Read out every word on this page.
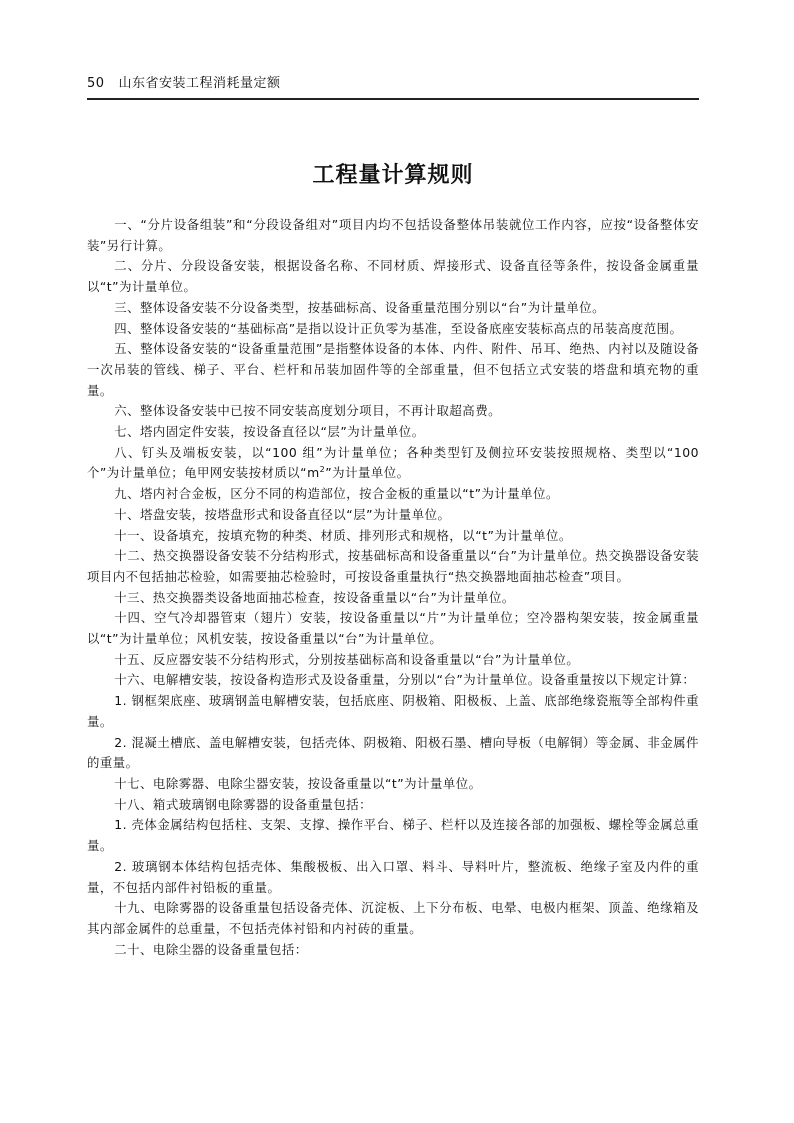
50 山东省安装工程消耗量定额
工程量计算规则

一、“分片设备组装”和“分段设备组对”项目内均不包括设备整体吊装就位工作内容，应按“设备整体安装”另行计算。

二、分片、分段设备安装，根据设备名称、不同材质、焊接形式、设备直径等条件，按设备金属重量以“t”为计量单位。

三、整体设备安装不分设备类型，按基础标高、设备重量范围分别以“台”为计量单位。

四、整体设备安装的“基础标高”是指以设计正负零为基准，至设备底座安装标高点的吊装高度范围。

五、整体设备安装的“设备重量范围”是指整体设备的本体、内件、附件、吊耳、绝热、内衬以及随设备一次吊装的管线、梯子、平台、栏杆和吊装加固件等的全部重量，但不包括立式安装的塔盘和填充物的重量。

六、整体设备安装中已按不同安装高度划分项目，不再计取超高费。

七、塔内固定件安装，按设备直径以“层”为计量单位。

八、钉头及端板安装，以“100 组”为计量单位；各种类型钉及侧拉环安装按照规格、类型以“100个”为计量单位；龟甲网安装按材质以“$m^2$”为计量单位。

九、塔内衬合金板，区分不同的构造部位，按合金板的重量以“t”为计量单位。

十、塔盘安装，按塔盘形式和设备直径以“层”为计量单位。

十一、设备填充，按填充物的种类、材质、排列形式和规格，以“t”为计量单位。

十二、热交换器设备安装不分结构形式，按基础标高和设备重量以“台”为计量单位。热交换器设备安装项目内不包括抽芯检验，如需要抽芯检验时，可按设备重量执行“热交换器地面抽芯检查”项目。

十三、热交换器类设备地面抽芯检查，按设备重量以“台”为计量单位。

十四、空气冷却器管束（翅片）安装，按设备重量以“片”为计量单位；空冷器构架安装，按金属重量以“t”为计量单位；风机安装，按设备重量以“台”为计量单位。

十五、反应器安装不分结构形式，分别按基础标高和设备重量以“台”为计量单位。

十六、电解槽安装，按设备构造形式及设备重量，分别以“台”为计量单位。设备重量按以下规定计算：

1. 钢框架底座、玻璃钢盖电解槽安装，包括底座、阴极箱、阳极板、上盖、底部绝缘瓷瓶等全部构件重量。

2. 混凝土槽底、盖电解槽安装，包括壳体、阴极箱、阳极石墨、槽向导板（电解铜）等金属、非金属件的重量。

十七、电除雾器、电除尘器安装，按设备重量以“t”为计量单位。

十八、箱式玻璃钢电除雾器的设备重量包括：

1. 壳体金属结构包括柱、支架、支撑、操作平台、梯子、栏杆以及连接各部的加强板、螺栓等金属总重量。

2. 玻璃钢本体结构包括壳体、集酸极板、出入口罩、料斗、导料叶片，整流板、绝缘子室及内件的重量，不包括内部件衬铅板的重量。

十九、电除雾器的设备重量包括设备壳体、沉淀板、上下分布板、电晕、电极内框架、顶盖、绝缘箱及其内部金属件的总重量，不包括壳体衬铅和内衬砖的重量。

二十、电除尘器的设备重量包括：
